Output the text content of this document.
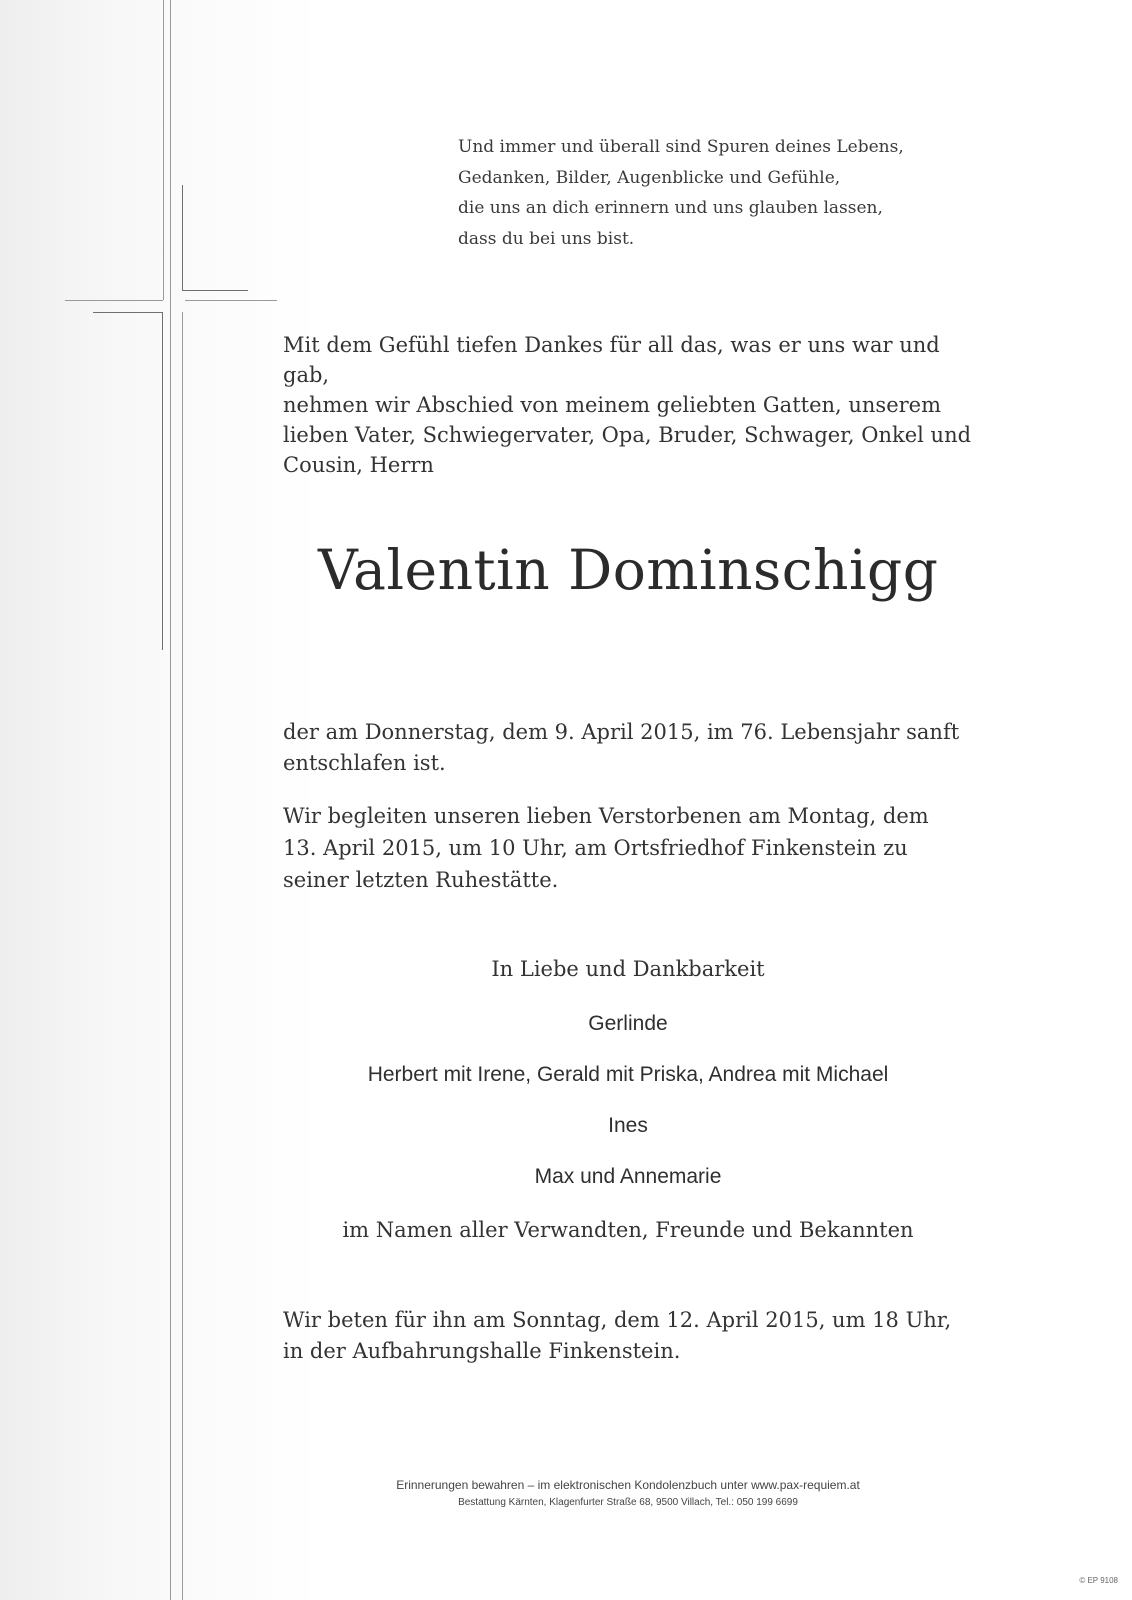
Und immer und überall sind Spuren deines Lebens,

Gedanken, Bilder, Augenblicke und Gefühle,

die uns an dich erinnern und uns glauben lassen,

dass du bei uns bist.

Mit dem Gefühl tiefen Dankes für all das, was er uns war und gab,

nehmen wir Abschied von meinem geliebten Gatten, unserem

lieben Vater, Schwiegervater, Opa, Bruder, Schwager, Onkel und

Cousin, Herrn

Valentin Dominschigg

der am Donnerstag, dem 9. April 2015, im 76. Lebensjahr sanft

entschlafen ist.

Wir begleiten unseren lieben Verstorbenen am Montag, dem

13. April 2015, um 10 Uhr, am Ortsfriedhof Finkenstein zu

seiner letzten Ruhestätte.

In Liebe und Dankbarkeit
Gerlinde
Herbert mit Irene, Gerald mit Priska, Andrea mit Michael
Ines
Max und Annemarie
im Namen aller Verwandten, Freunde und Bekannten

Wir beten für ihn am Sonntag, dem 12. April 2015, um 18 Uhr,

in der Aufbahrungshalle Finkenstein.

Erinnerungen bewahren – im elektronischen Kondolenzbuch unter www.pax-requiem.at
Bestattung Kärnten, Klagenfurter Straße 68, 9500 Villach, Tel.: 050 199 6699
© EP 9108
